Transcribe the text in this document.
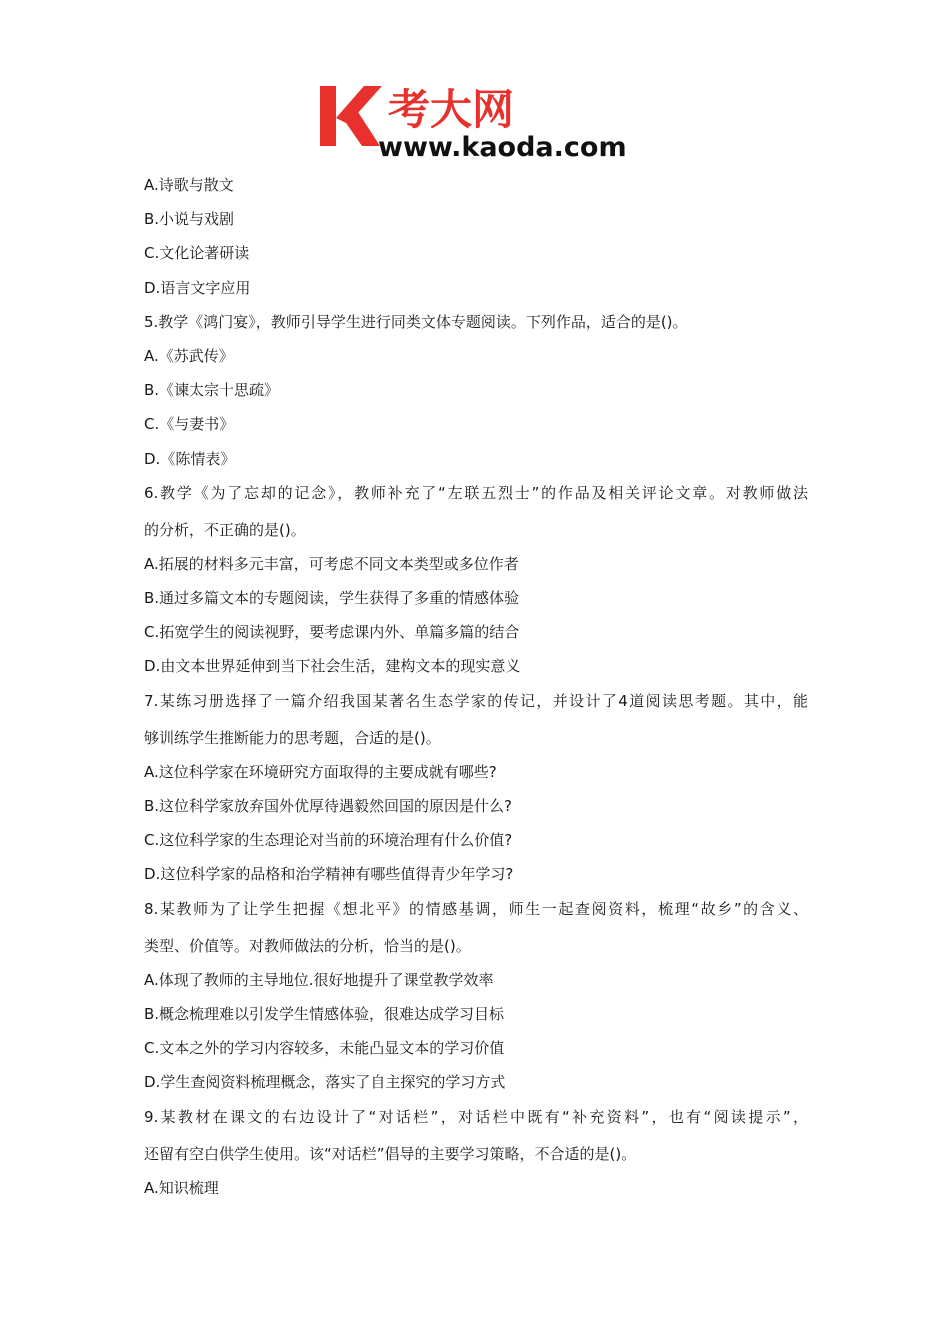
考大网
www.kaoda.com
A.诗歌与散文
B.小说与戏剧
C.文化论著研读
D.语言文字应用
5.教学《鸿门宴》，教师引导学生进行同类文体专题阅读。下列作品，适合的是()。
A.《苏武传》
B.《谏太宗十思疏》
C.《与妻书》
D.《陈情表》
6.教学《为了忘却的记念》，教师补充了“左联五烈士”的作品及相关评论文章。对教师做法
的分析，不正确的是()。
A.拓展的材料多元丰富，可考虑不同文本类型或多位作者
B.通过多篇文本的专题阅读，学生获得了多重的情感体验
C.拓宽学生的阅读视野，要考虑课内外、单篇多篇的结合
D.由文本世界延伸到当下社会生活，建构文本的现实意义
7.某练习册选择了一篇介绍我国某著名生态学家的传记，并设计了4道阅读思考题。其中，能
够训练学生推断能力的思考题，合适的是()。
A.这位科学家在环境研究方面取得的主要成就有哪些?
B.这位科学家放弃国外优厚待遇毅然回国的原因是什么?
C.这位科学家的生态理论对当前的环境治理有什么价值?
D.这位科学家的品格和治学精神有哪些值得青少年学习?
8.某教师为了让学生把握《想北平》的情感基调，师生一起查阅资料，梳理“故乡”的含义、
类型、价值等。对教师做法的分析，恰当的是()。
A.体现了教师的主导地位.很好地提升了课堂教学效率
B.概念梳理难以引发学生情感体验，很难达成学习目标
C.文本之外的学习内容较多，未能凸显文本的学习价值
D.学生查阅资料梳理概念，落实了自主探究的学习方式
9.某教材在课文的右边设计了“对话栏”，对话栏中既有“补充资料”，也有“阅读提示”，
还留有空白供学生使用。该“对话栏”倡导的主要学习策略，不合适的是()。
A.知识梳理
